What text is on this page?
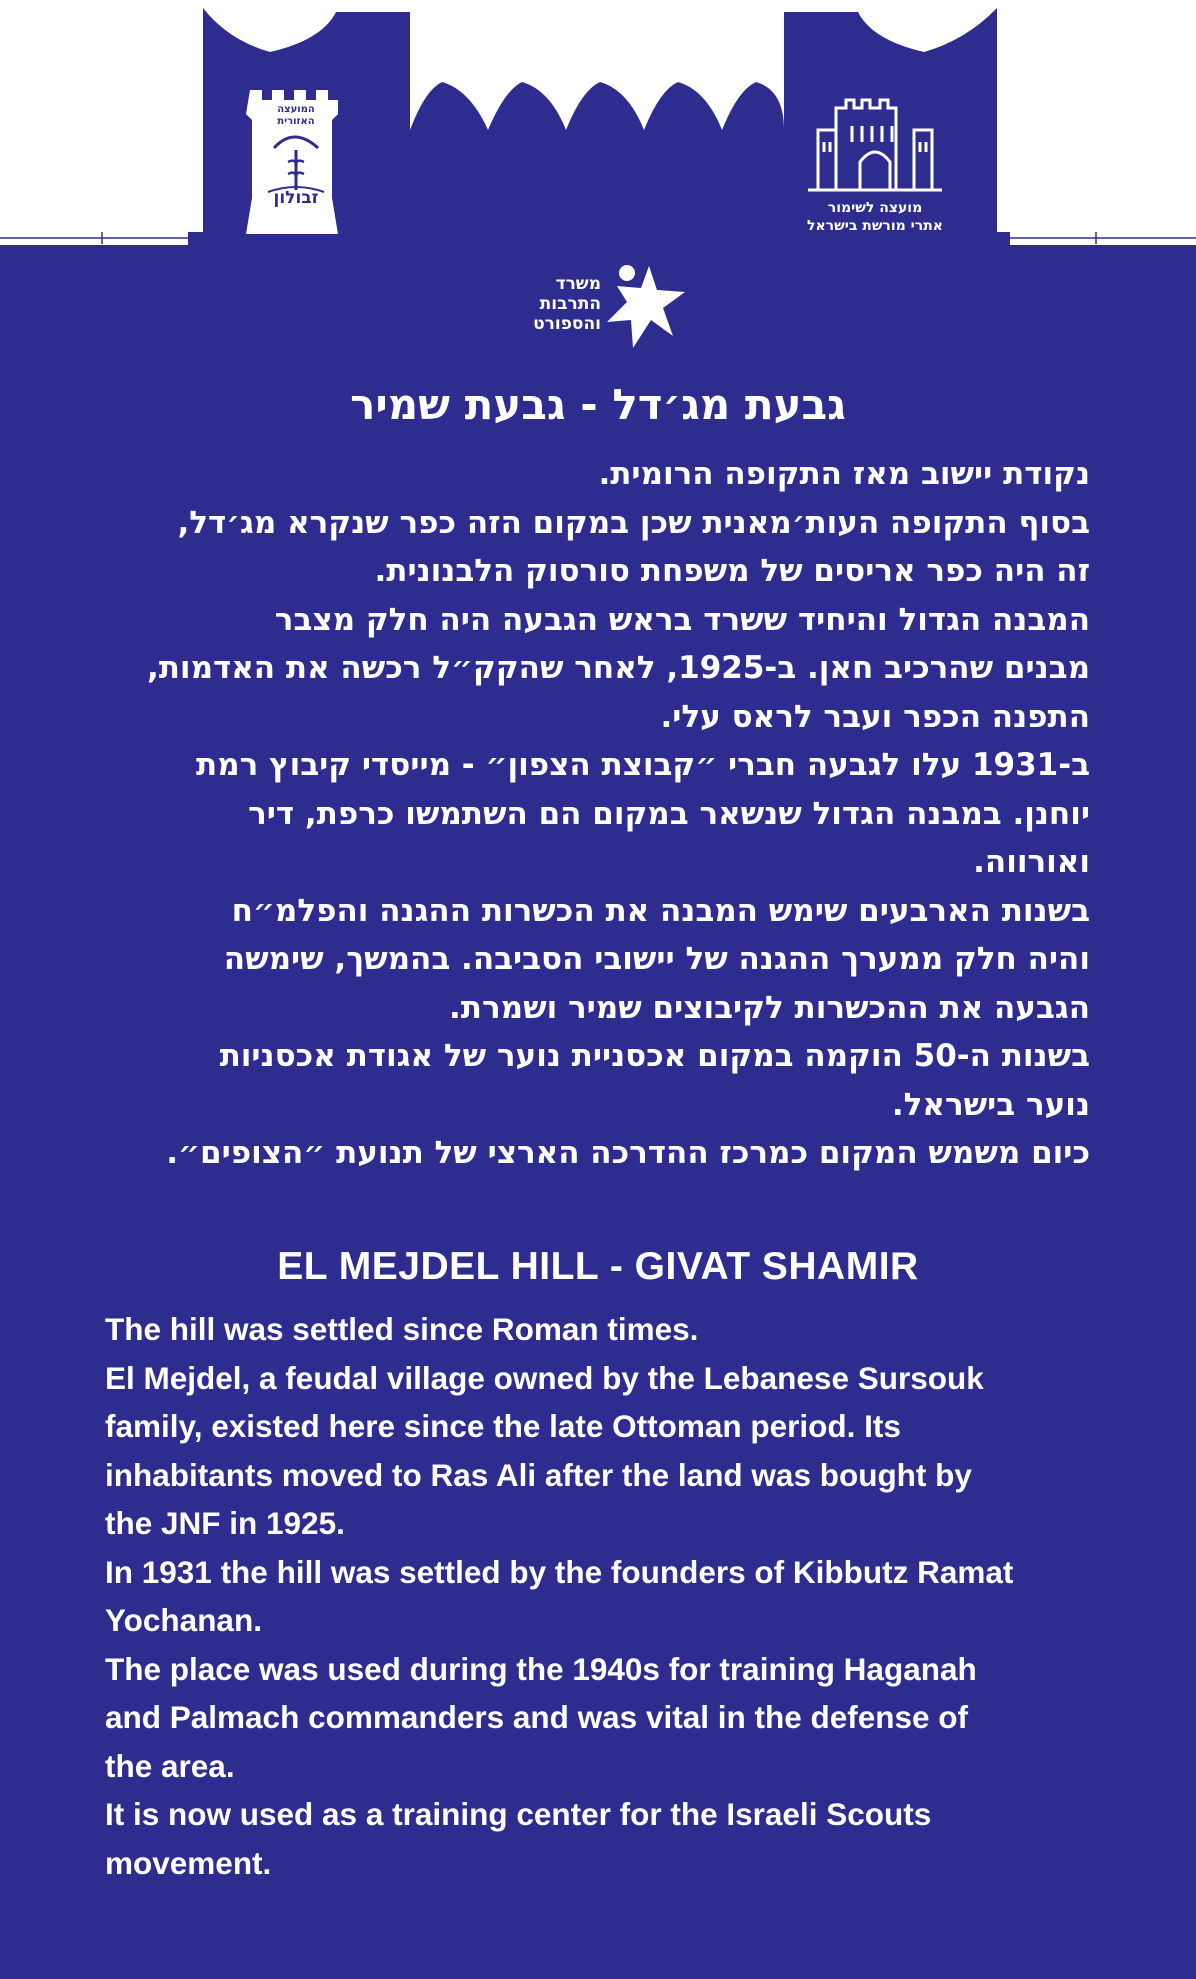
המועצה האזורית
זבולון	מועצה לשימור
אתרי מורשת בישראל
משרד
התרבות
והספורט
גבעת מג׳דל - גבעת שמיר
נקודת יישוב מאז התקופה הרומית.
בסוף התקופה העות׳מאנית שכן במקום הזה כפר שנקרא מג׳דל,
זה היה כפר אריסים של משפחת סורסוק הלבנונית.
המבנה הגדול והיחיד ששרד בראש הגבעה היה חלק מצבר
מבנים שהרכיב חאן. ב-1925, לאחר שהקק״ל רכשה את האדמות,
התפנה הכפר ועבר לראס עלי.
ב-1931 עלו לגבעה חברי ״קבוצת הצפון״ - מייסדי קיבוץ רמת
יוחנן. במבנה הגדול שנשאר במקום הם השתמשו כרפת, דיר
ואורווה.
בשנות הארבעים שימש המבנה את הכשרות ההגנה והפלמ״ח
והיה חלק ממערך ההגנה של יישובי הסביבה. בהמשך, שימשה
הגבעה את ההכשרות לקיבוצים שמיר ושמרת.
בשנות ה-50 הוקמה במקום אכסניית נוער של אגודת אכסניות
נוער בישראל.
כיום משמש המקום כמרכז ההדרכה הארצי של תנועת ״הצופים״.
EL MEJDEL HILL - GIVAT SHAMIR
The hill was settled since Roman times.
El Mejdel, a feudal village owned by the Lebanese Sursouk
family, existed here since the late Ottoman period. Its
inhabitants moved to Ras Ali after the land was bought by
the JNF in 1925.
In 1931 the hill was settled by the founders of Kibbutz Ramat
Yochanan.
The place was used during the 1940s for training Haganah
and Palmach commanders and was vital in the defense of
the area.
It is now used as a training center for the Israeli Scouts
movement.
